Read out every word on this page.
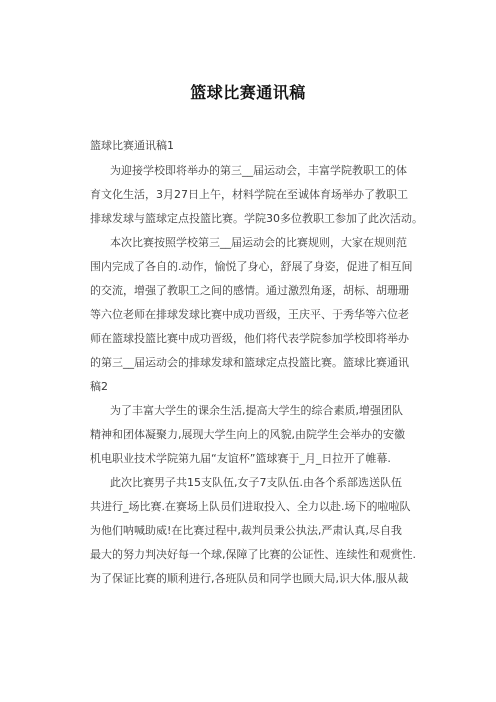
篮球比赛通讯稿
篮球比赛通讯稿1
为迎接学校即将举办的第三__届运动会，丰富学院教职工的体
育文化生活，3月27日上午，材料学院在至诚体育场举办了教职工
排球发球与篮球定点投篮比赛。学院30多位教职工参加了此次活动。
本次比赛按照学校第三__届运动会的比赛规则，大家在规则范
围内完成了各自的.动作，愉悦了身心，舒展了身姿，促进了相互间
的交流，增强了教职工之间的感情。通过激烈角逐，胡标、胡珊珊
等六位老师在排球发球比赛中成功晋级，王庆平、于秀华等六位老
师在篮球投篮比赛中成功晋级，他们将代表学院参加学校即将举办
的第三__届运动会的排球发球和篮球定点投篮比赛。篮球比赛通讯
稿2
为了丰富大学生的课余生活,提高大学生的综合素质,增强团队
精神和团体凝聚力,展现大学生向上的风貌,由院学生会举办的安徽
机电职业技术学院第九届“友谊杯”篮球赛于_月_日拉开了帷幕.
此次比赛男子共15支队伍,女子7支队伍.由各个系部选送队伍
共进行_场比赛.在赛场上队员们进取投入、全力以赴.场下的啦啦队
为他们呐喊助威!在比赛过程中,裁判员秉公执法,严肃认真,尽自我
最大的努力判决好每一个球,保障了比赛的公证性、连续性和观赏性.
为了保证比赛的顺利进行,各班队员和同学也顾大局,识大体,服从裁
